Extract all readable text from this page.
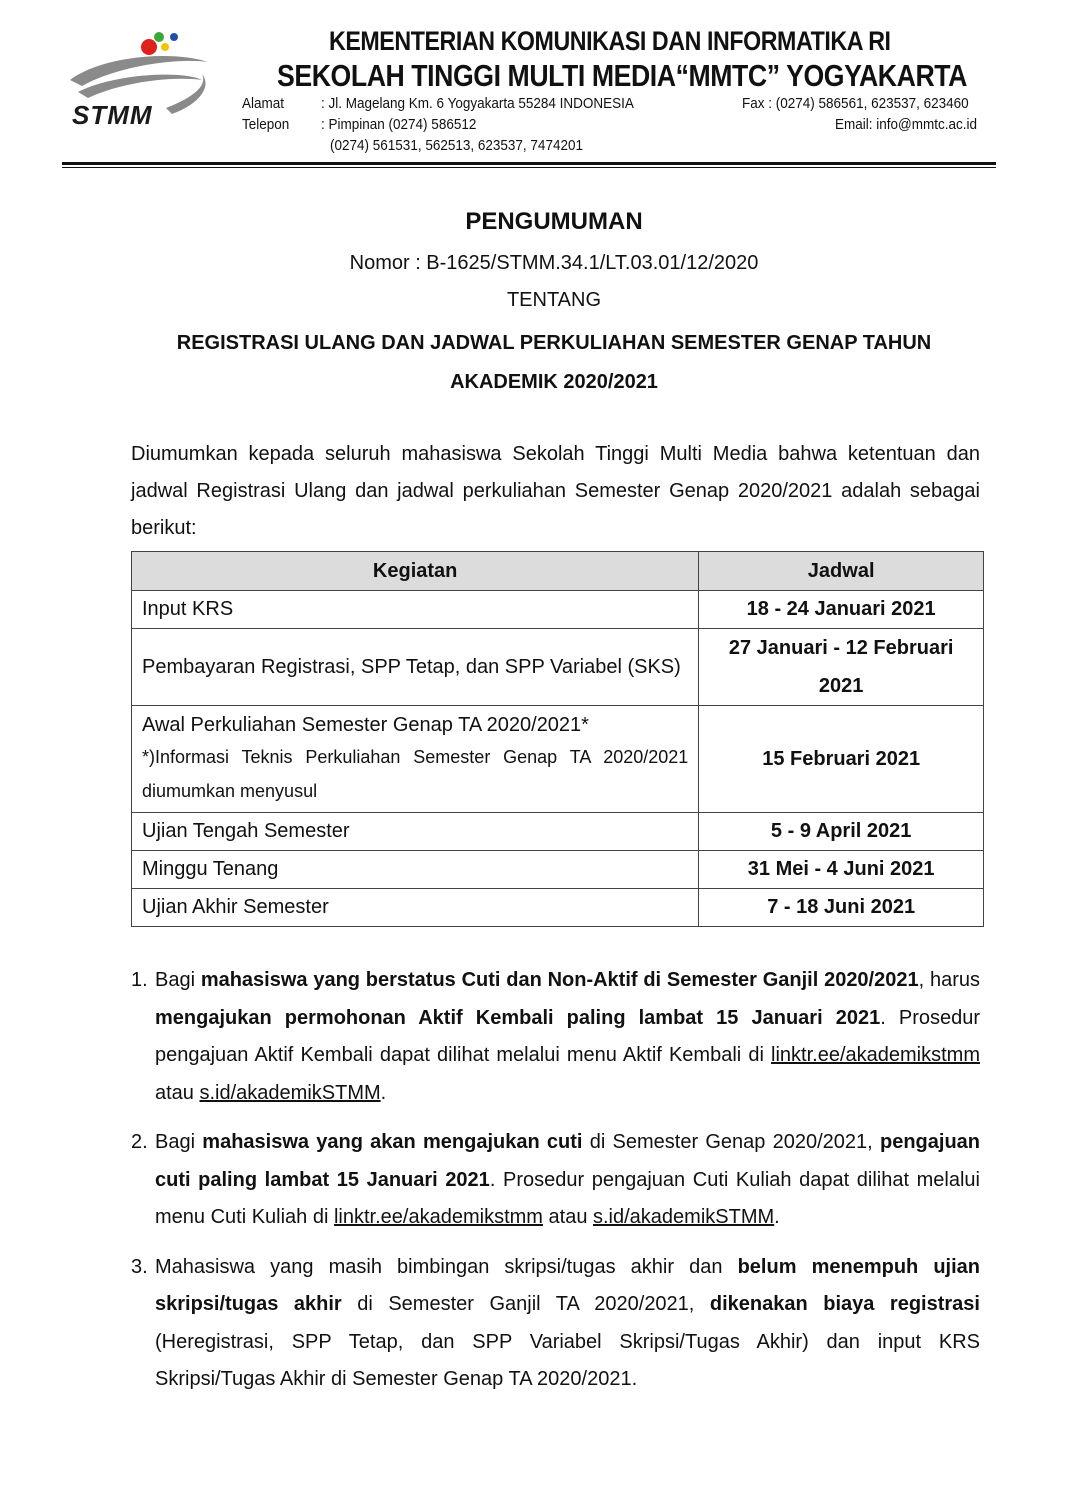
STMM
KEMENTERIAN KOMUNIKASI DAN INFORMATIKA RI
SEKOLAH TINGGI MULTI MEDIA“MMTC” YOGYAKARTA
Alamat : Jl. Magelang Km. 6 Yogyakarta 55284 INDONESIA
Telepon : Pimpinan (0274) 586512
(0274) 561531, 562513, 623537, 7474201
Fax : (0274) 586561, 623537, 623460
Email: info@mmtc.ac.id
PENGUMUMAN
Nomor : B-1625/STMM.34.1/LT.03.01/12/2020
TENTANG
REGISTRASI ULANG DAN JADWAL PERKULIAHAN SEMESTER GENAP TAHUN
AKADEMIK 2020/2021

Diumumkan kepada seluruh mahasiswa Sekolah Tinggi Multi Media bahwa ketentuan dan jadwal Registrasi Ulang dan jadwal perkuliahan Semester Genap 2020/2021 adalah sebagai berikut:

Kegiatan	Jadwal
Input KRS	18 - 24 Januari 2021
Pembayaran Registrasi, SPP Tetap, dan SPP Variabel (SKS)	27 Januari - 12 Februari 2021

Awal Perkuliahan Semester Genap TA 2020/2021*
*)Informasi Teknis Perkuliahan Semester Genap TA 2020/2021 diumumkan menyusul	15 Februari 2021
Ujian Tengah Semester	5 - 9 April 2021
Minggu Tenang	31 Mei - 4 Juni 2021
Ujian Akhir Semester	7 - 18 Juni 2021
1. Bagi mahasiswa yang berstatus Cuti dan Non-Aktif di Semester Ganjil 2020/2021, harus mengajukan permohonan Aktif Kembali paling lambat 15 Januari 2021. Prosedur pengajuan Aktif Kembali dapat dilihat melalui menu Aktif Kembali di linktr.ee/akademikstmm atau s.id/akademikSTMM.
2. Bagi mahasiswa yang akan mengajukan cuti di Semester Genap 2020/2021, pengajuan cuti paling lambat 15 Januari 2021. Prosedur pengajuan Cuti Kuliah dapat dilihat melalui menu Cuti Kuliah di linktr.ee/akademikstmm atau s.id/akademikSTMM.
3. Mahasiswa yang masih bimbingan skripsi/tugas akhir dan belum menempuh ujian skripsi/tugas akhir di Semester Ganjil TA 2020/2021, dikenakan biaya registrasi (Heregistrasi, SPP Tetap, dan SPP Variabel Skripsi/Tugas Akhir) dan input KRS Skripsi/Tugas Akhir di Semester Genap TA 2020/2021.
